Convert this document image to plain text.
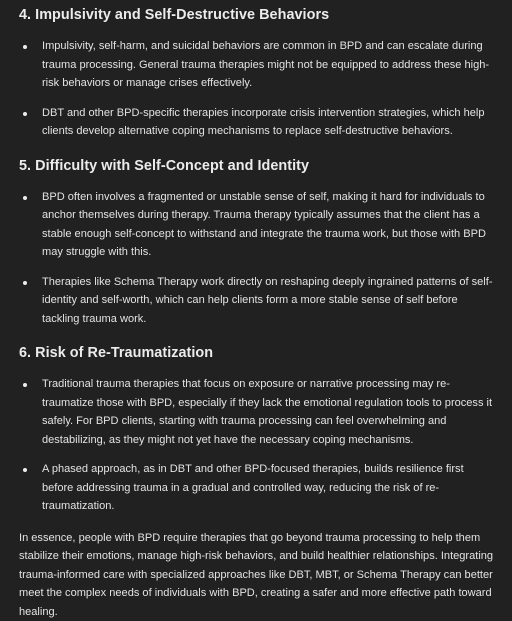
4. Impulsivity and Self-Destructive Behaviors
Impulsivity, self-harm, and suicidal behaviors are common in BPD and can escalate during trauma processing. General trauma therapies might not be equipped to address these high-risk behaviors or manage crises effectively.
DBT and other BPD-specific therapies incorporate crisis intervention strategies, which help clients develop alternative coping mechanisms to replace self-destructive behaviors.
5. Difficulty with Self-Concept and Identity
BPD often involves a fragmented or unstable sense of self, making it hard for individuals to anchor themselves during therapy. Trauma therapy typically assumes that the client has a stable enough self-concept to withstand and integrate the trauma work, but those with BPD may struggle with this.
Therapies like Schema Therapy work directly on reshaping deeply ingrained patterns of self-identity and self-worth, which can help clients form a more stable sense of self before tackling trauma work.
6. Risk of Re-Traumatization
Traditional trauma therapies that focus on exposure or narrative processing may re-traumatize those with BPD, especially if they lack the emotional regulation tools to process it safely. For BPD clients, starting with trauma processing can feel overwhelming and destabilizing, as they might not yet have the necessary coping mechanisms.
A phased approach, as in DBT and other BPD-focused therapies, builds resilience first before addressing trauma in a gradual and controlled way, reducing the risk of re-traumatization.

In essence, people with BPD require therapies that go beyond trauma processing to help them stabilize their emotions, manage high-risk behaviors, and build healthier relationships. Integrating trauma-informed care with specialized approaches like DBT, MBT, or Schema Therapy can better meet the complex needs of individuals with BPD, creating a safer and more effective path toward healing.
